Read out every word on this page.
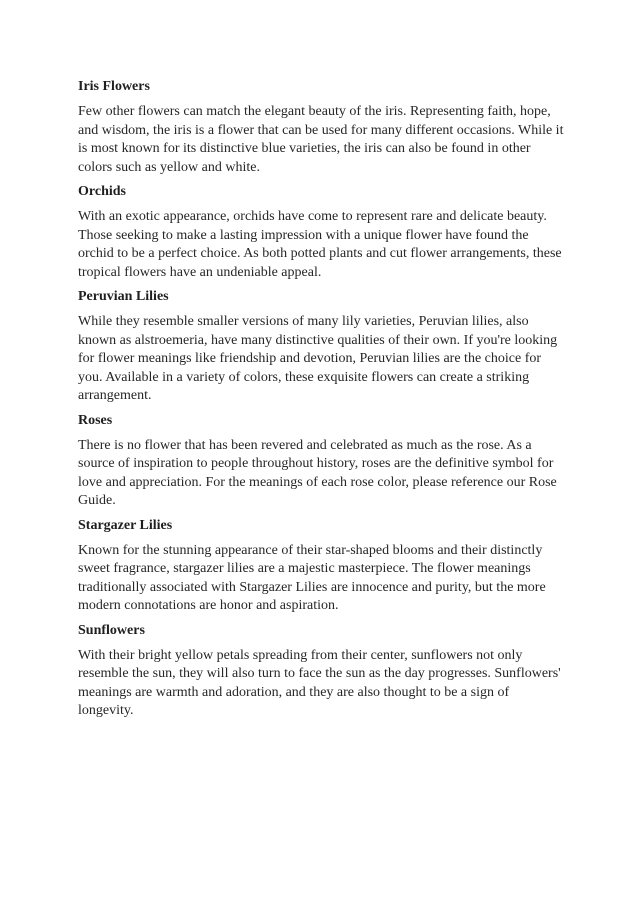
Iris Flowers

Few other flowers can match the elegant beauty of the iris. Representing faith, hope, and wisdom, the iris is a flower that can be used for many different occasions. While it is most known for its distinctive blue varieties, the iris can also be found in other colors such as yellow and white.

Orchids

With an exotic appearance, orchids have come to represent rare and delicate beauty. Those seeking to make a lasting impression with a unique flower have found the orchid to be a perfect choice. As both potted plants and cut flower arrangements, these tropical flowers have an undeniable appeal.

Peruvian Lilies

While they resemble smaller versions of many lily varieties, Peruvian lilies, also known as alstroemeria, have many distinctive qualities of their own. If you're looking for flower meanings like friendship and devotion, Peruvian lilies are the choice for you. Available in a variety of colors, these exquisite flowers can create a striking arrangement.

Roses

There is no flower that has been revered and celebrated as much as the rose. As a source of inspiration to people throughout history, roses are the definitive symbol for love and appreciation. For the meanings of each rose color, please reference our Rose Guide.

Stargazer Lilies

Known for the stunning appearance of their star-shaped blooms and their distinctly sweet fragrance, stargazer lilies are a majestic masterpiece. The flower meanings traditionally associated with Stargazer Lilies are innocence and purity, but the more modern connotations are honor and aspiration.

Sunflowers

With their bright yellow petals spreading from their center, sunflowers not only resemble the sun, they will also turn to face the sun as the day progresses. Sunflowers' meanings are warmth and adoration, and they are also thought to be a sign of longevity.
